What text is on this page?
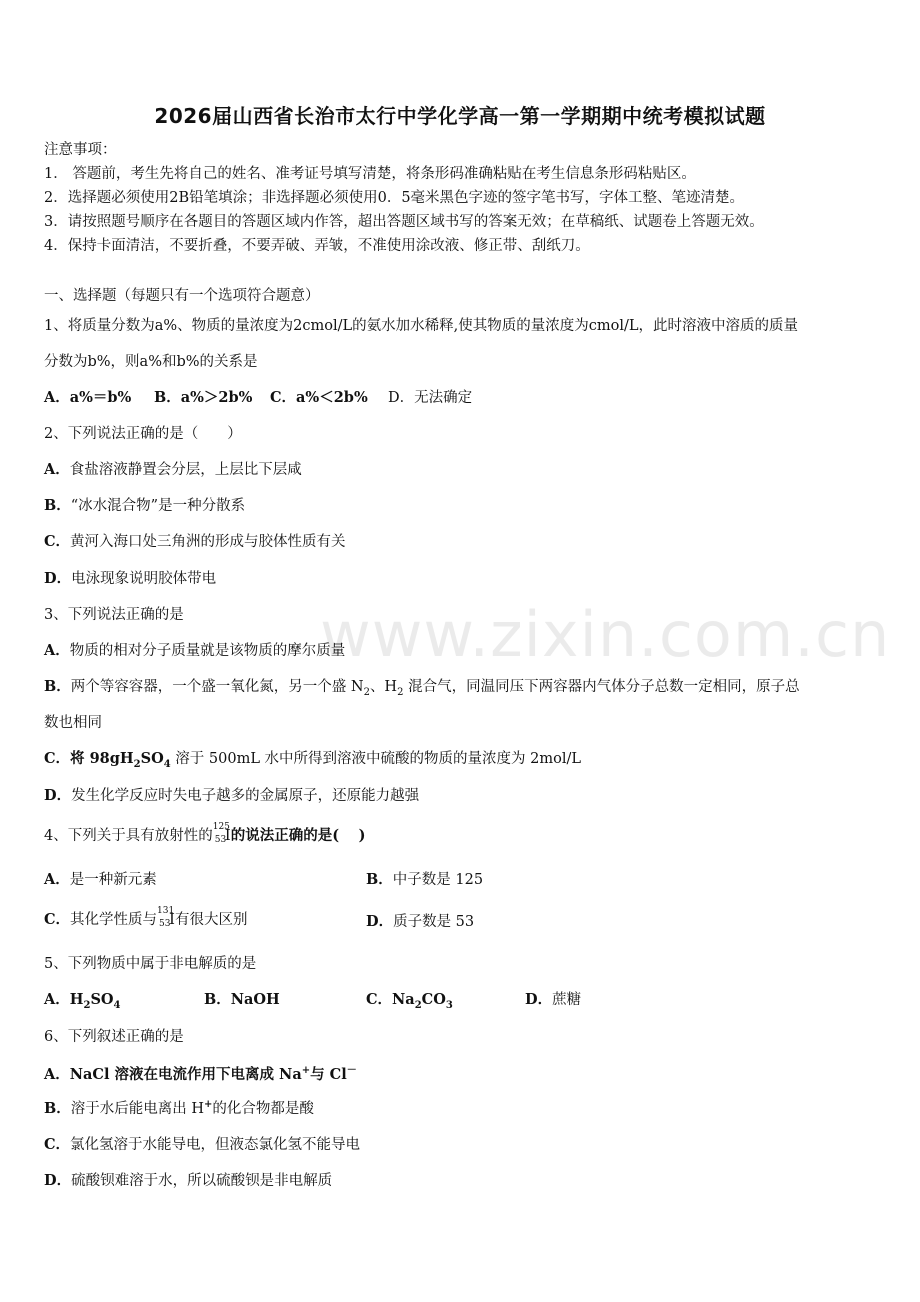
www.zixin.com.cn
2026届山西省长治市太行中学化学高一第一学期期中统考模拟试题
注意事项：
1． 答题前，考生先将自己的姓名、准考证号填写清楚，将条形码准确粘贴在考生信息条形码粘贴区。
2．选择题必须使用2B铅笔填涂；非选择题必须使用0．5毫米黑色字迹的签字笔书写，字体工整、笔迹清楚。
3．请按照题号顺序在各题目的答题区域内作答，超出答题区域书写的答案无效；在草稿纸、试题卷上答题无效。
4．保持卡面清洁，不要折叠，不要弄破、弄皱，不准使用涂改液、修正带、刮纸刀。
一、选择题（每题只有一个选项符合题意）
1、将质量分数为a%、物质的量浓度为2cmol/L的氨水加水稀释,使其物质的量浓度为cmol/L，此时溶液中溶质的质量
分数为b%，则a%和b%的关系是
A．a%＝b% B．a%＞2b% C．a%＜2b% D．无法确定
2、下列说法正确的是（　　）
A．食盐溶液静置会分层，上层比下层咸
B．“冰水混合物”是一种分散系
C．黄河入海口处三角洲的形成与胶体性质有关
D．电泳现象说明胶体带电
3、下列说法正确的是
A．物质的相对分子质量就是该物质的摩尔质量
B．两个等容容器，一个盛一氧化氮，另一个盛 $N_2$、$H_2$ 混合气，同温同压下两容器内气体分子总数一定相同，原子总
数也相同
C．将 $98gH_2SO_4$ 溶于 500mL 水中所得到溶液中硫酸的物质的量浓度为 2mol/L
D．发生化学反应时失电子越多的金属原子，还原能力越强
4、下列关于具有放射性的
125
53
I 的说法正确的是(　 )
A．是一种新元素	B．中子数是 125
C．其化学性质与
131
53
I 有很大区别	D．质子数是 53
5、下列物质中属于非电解质的是
A．$H_2SO_4$	B．NaOH	C．$Na_2CO_3$	D．蔗糖
6、下列叙述正确的是
A．NaCl 溶液在电流作用下电离成 Na+与 Cl－
B．溶于水后能电离出 H+的化合物都是酸
C．氯化氢溶于水能导电，但液态氯化氢不能导电
D．硫酸钡难溶于水，所以硫酸钡是非电解质
